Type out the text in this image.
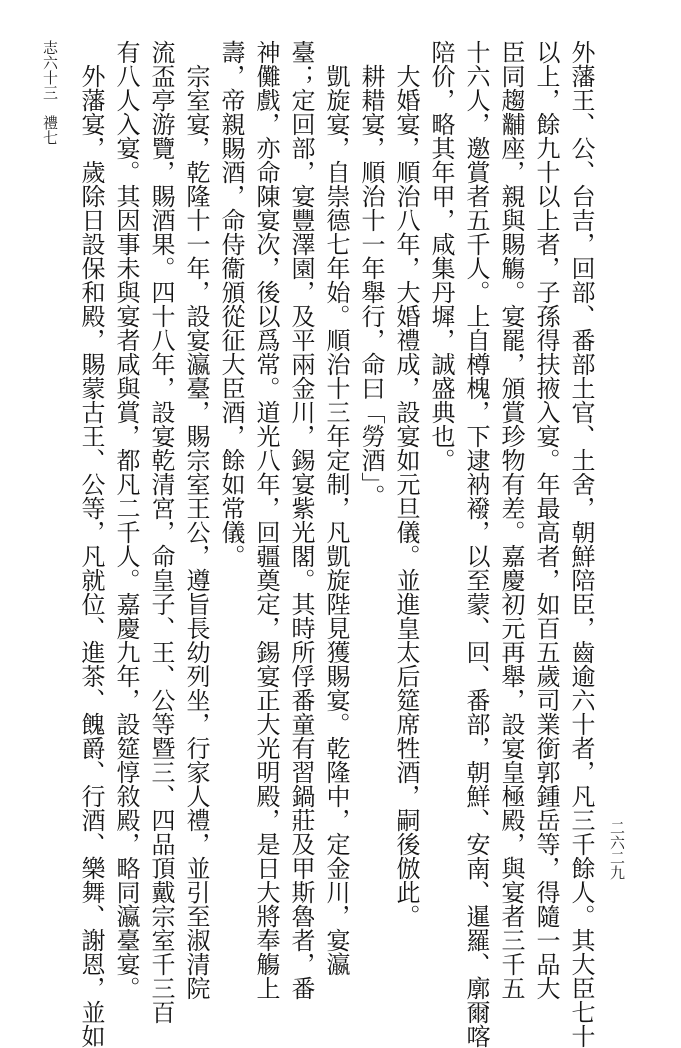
外藩王、公、台吉，回部、番部土官、土舍，朝鮮陪臣，齒逾六十者，凡三千餘人。其大臣七十
以上，餘九十以上者，子孫得扶掖入宴。年最高者，如百五歲司業銜郭鍾岳等，得隨一品大
臣同趨黼座，親與賜觴。宴罷，頒賞珍物有差。嘉慶初元再舉，設宴皇極殿，與宴者三千五
十六人，邀賞者五千人。上自樽槐，下逮衲襏，以至蒙、回、番部，朝鮮、安南、暹羅、廓爾喀
陪价，略其年甲，咸集丹墀，誠盛典也。
　大婚宴，順治八年，大婚禮成，設宴如元旦儀。並進皇太后筵席牲酒，嗣後倣此。
　耕耤宴，順治十一年舉行，命曰「勞酒」。
　凱旋宴，自崇德七年始。順治十三年定制，凡凱旋陛見獲賜宴。乾隆中，定金川，宴瀛
臺；定回部，宴豐澤園，及平兩金川，錫宴紫光閣。其時所俘番童有習鍋莊及甲斯魯者，番
神儺戲，亦命陳宴次，後以爲常。道光八年，回疆奠定，錫宴正大光明殿，是日大將奉觴上
壽，帝親賜酒，命侍衞頒從征大臣酒，餘如常儀。
　宗室宴，乾隆十一年，設宴瀛臺，賜宗室王公，遵旨長幼列坐，行家人禮，並引至淑清院
流盃亭游覽，賜酒果。四十八年，設宴乾清宮，命皇子、王、公等暨三、四品頂戴宗室千三百
有八人入宴。其因事未與宴者咸與賞，都凡二千人。嘉慶九年，設筵惇敘殿，略同瀛臺宴。
　外藩宴，歲除日設保和殿，賜蒙古王、公等，凡就位、進茶、餽爵、行酒、樂舞、謝恩，並如
志六十三　禮七
二六二九
